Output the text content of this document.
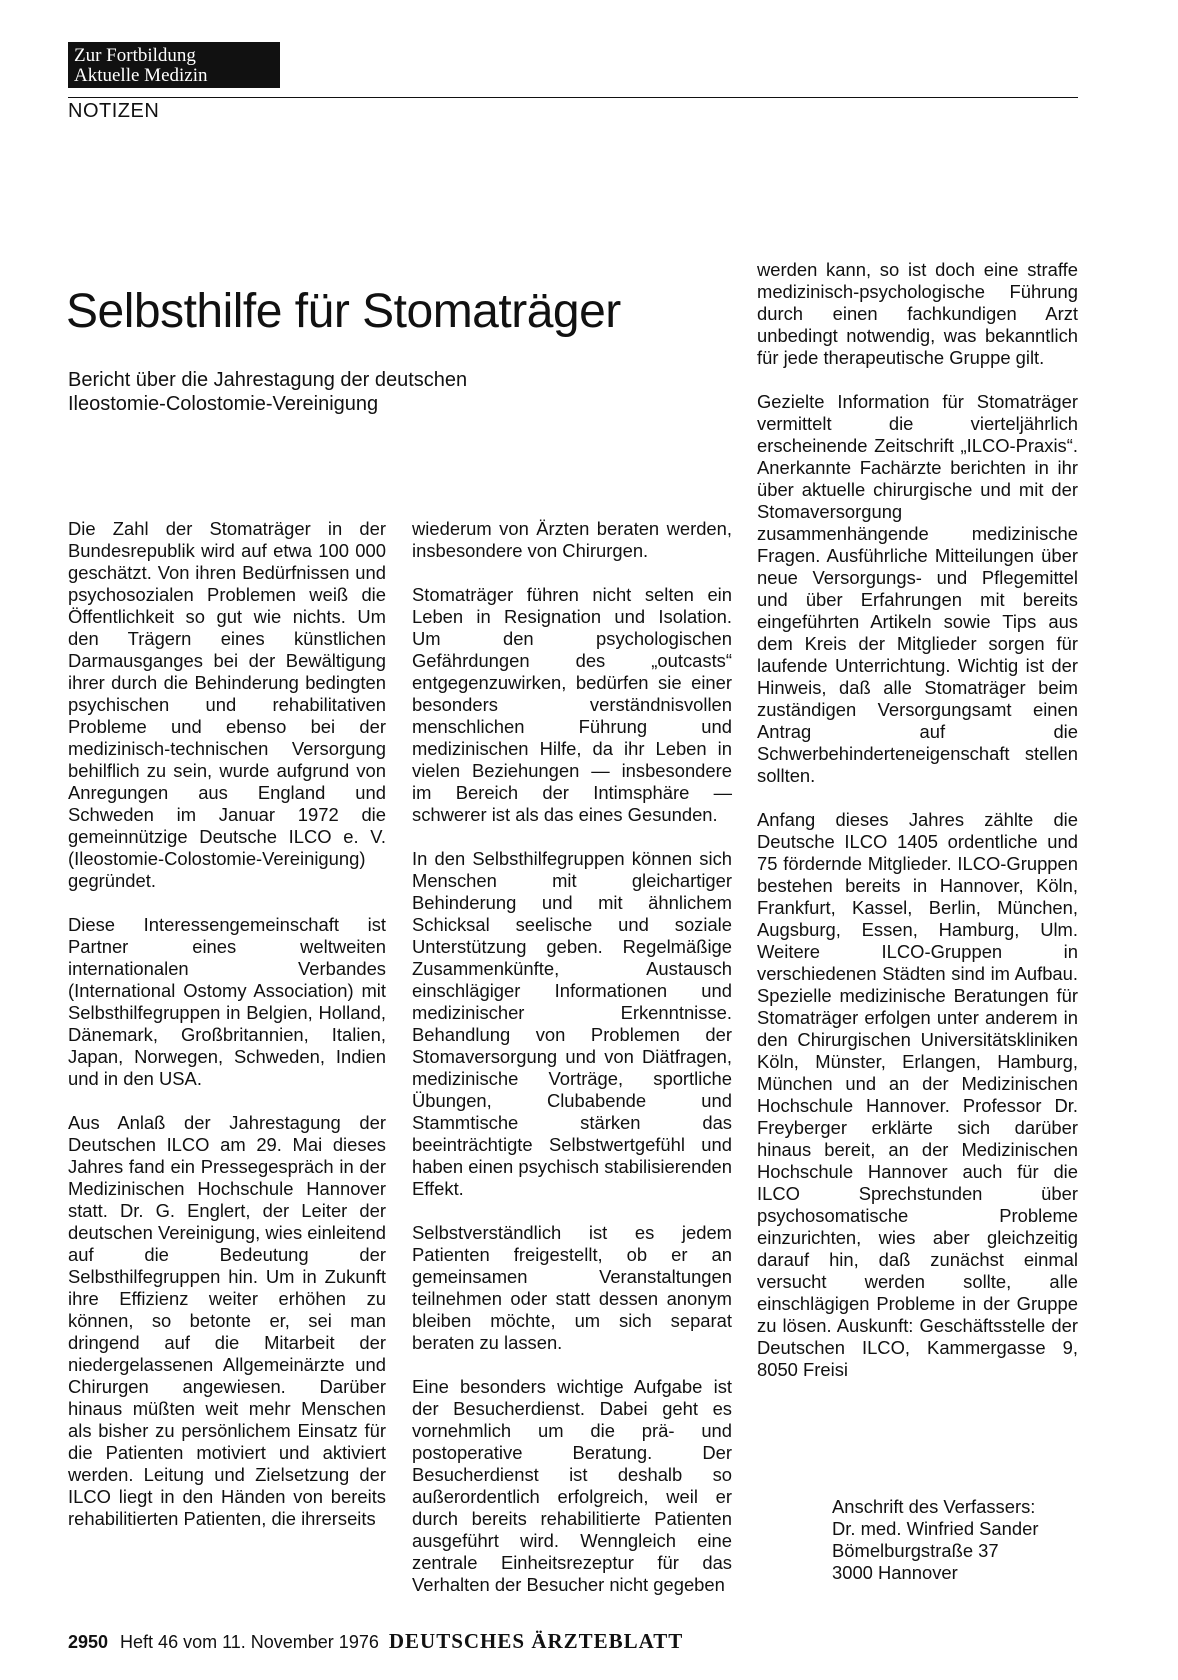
Zur Fortbildung
Aktuelle Medizin
NOTIZEN
Selbsthilfe für Stomaträger
Bericht über die Jahrestagung der deutschen
Ileostomie-Colostomie-Vereinigung

Die Zahl der Stomaträger in der Bundesrepublik wird auf etwa 100 000 geschätzt. Von ihren Bedürfnissen und psychosozialen Problemen weiß die Öffentlichkeit so gut wie nichts. Um den Trägern eines künstlichen Darmausganges bei der Bewältigung ihrer durch die Behinderung bedingten psychischen und rehabilitativen Probleme und ebenso bei der medizinisch-technischen Versorgung behilflich zu sein, wurde aufgrund von Anregungen aus England und Schweden im Januar 1972 die gemeinnützige Deutsche ILCO e. V. (Ileostomie-Colostomie-Vereinigung) gegründet.

Diese Interessengemeinschaft ist Partner eines weltweiten internationalen Verbandes (International Ostomy Association) mit Selbsthilfegruppen in Belgien, Holland, Dänemark, Großbritannien, Italien, Japan, Norwegen, Schweden, Indien und in den USA.

Aus Anlaß der Jahrestagung der Deutschen ILCO am 29. Mai dieses Jahres fand ein Pressegespräch in der Medizinischen Hochschule Hannover statt. Dr. G. Englert, der Leiter der deutschen Vereinigung, wies einleitend auf die Bedeutung der Selbsthilfegruppen hin. Um in Zukunft ihre Effizienz weiter erhöhen zu können, so betonte er, sei man dringend auf die Mitarbeit der niedergelassenen Allgemeinärzte und Chirurgen angewiesen. Darüber hinaus müßten weit mehr Menschen als bisher zu persönlichem Einsatz für die Patienten motiviert und aktiviert werden. Leitung und Zielsetzung der ILCO liegt in den Händen von bereits rehabilitierten Patienten, die ihrerseits

wiederum von Ärzten beraten werden, insbesondere von Chirurgen.

Stomaträger führen nicht selten ein Leben in Resignation und Isolation. Um den psychologischen Gefährdungen des „outcasts“ entgegenzuwirken, bedürfen sie einer besonders verständnisvollen menschlichen Führung und medizinischen Hilfe, da ihr Leben in vielen Beziehungen — insbesondere im Bereich der Intimsphäre — schwerer ist als das eines Gesunden.

In den Selbsthilfegruppen können sich Menschen mit gleichartiger Behinderung und mit ähnlichem Schicksal seelische und soziale Unterstützung geben. Regelmäßige Zusammenkünfte, Austausch einschlägiger Informationen und medizinischer Erkenntnisse. Behandlung von Problemen der Stomaversorgung und von Diätfragen, medizinische Vorträge, sportliche Übungen, Clubabende und Stammtische stärken das beeinträchtigte Selbstwertgefühl und haben einen psychisch stabilisierenden Effekt.

Selbstverständlich ist es jedem Patienten freigestellt, ob er an gemeinsamen Veranstaltungen teilnehmen oder statt dessen anonym bleiben möchte, um sich separat beraten zu lassen.

Eine besonders wichtige Aufgabe ist der Besucherdienst. Dabei geht es vornehmlich um die prä- und postoperative Beratung. Der Besucherdienst ist deshalb so außerordentlich erfolgreich, weil er durch bereits rehabilitierte Patienten ausgeführt wird. Wenngleich eine zentrale Einheitsrezeptur für das Verhalten der Besucher nicht gegeben

werden kann, so ist doch eine straffe medizinisch-psychologische Führung durch einen fachkundigen Arzt unbedingt notwendig, was bekanntlich für jede therapeutische Gruppe gilt.

Gezielte Information für Stomaträger vermittelt die vierteljährlich erscheinende Zeitschrift „ILCO-Praxis“. Anerkannte Fachärzte berichten in ihr über aktuelle chirurgische und mit der Stomaversorgung zusammenhängende medizinische Fragen. Ausführliche Mitteilungen über neue Versorgungs- und Pflegemittel und über Erfahrungen mit bereits eingeführten Artikeln sowie Tips aus dem Kreis der Mitglieder sorgen für laufende Unterrichtung. Wichtig ist der Hinweis, daß alle Stomaträger beim zuständigen Versorgungsamt einen Antrag auf die Schwerbehinderteneigenschaft stellen sollten.

Anfang dieses Jahres zählte die Deutsche ILCO 1405 ordentliche und 75 fördernde Mitglieder. ILCO-Gruppen bestehen bereits in Hannover, Köln, Frankfurt, Kassel, Berlin, München, Augsburg, Essen, Hamburg, Ulm. Weitere ILCO-Gruppen in verschiedenen Städten sind im Aufbau. Spezielle medizinische Beratungen für Stomaträger erfolgen unter anderem in den Chirurgischen Universitätskliniken Köln, Münster, Erlangen, Hamburg, München und an der Medizinischen Hochschule Hannover. Professor Dr. Freyberger erklärte sich darüber hinaus bereit, an der Medizinischen Hochschule Hannover auch für die ILCO Sprechstunden über psychosomatische Probleme einzurichten, wies aber gleichzeitig darauf hin, daß zunächst einmal versucht werden sollte, alle einschlägigen Probleme in der Gruppe zu lösen. Auskunft: Geschäftsstelle der Deutschen ILCO, Kammergasse 9, 8050 Freisi

Anschrift des Verfassers:
Dr. med. Winfried Sander
Bömelburgstraße 37
3000 Hannover
2950 Heft 46 vom 11. November 1976 DEUTSCHES ÄRZTEBLATT
